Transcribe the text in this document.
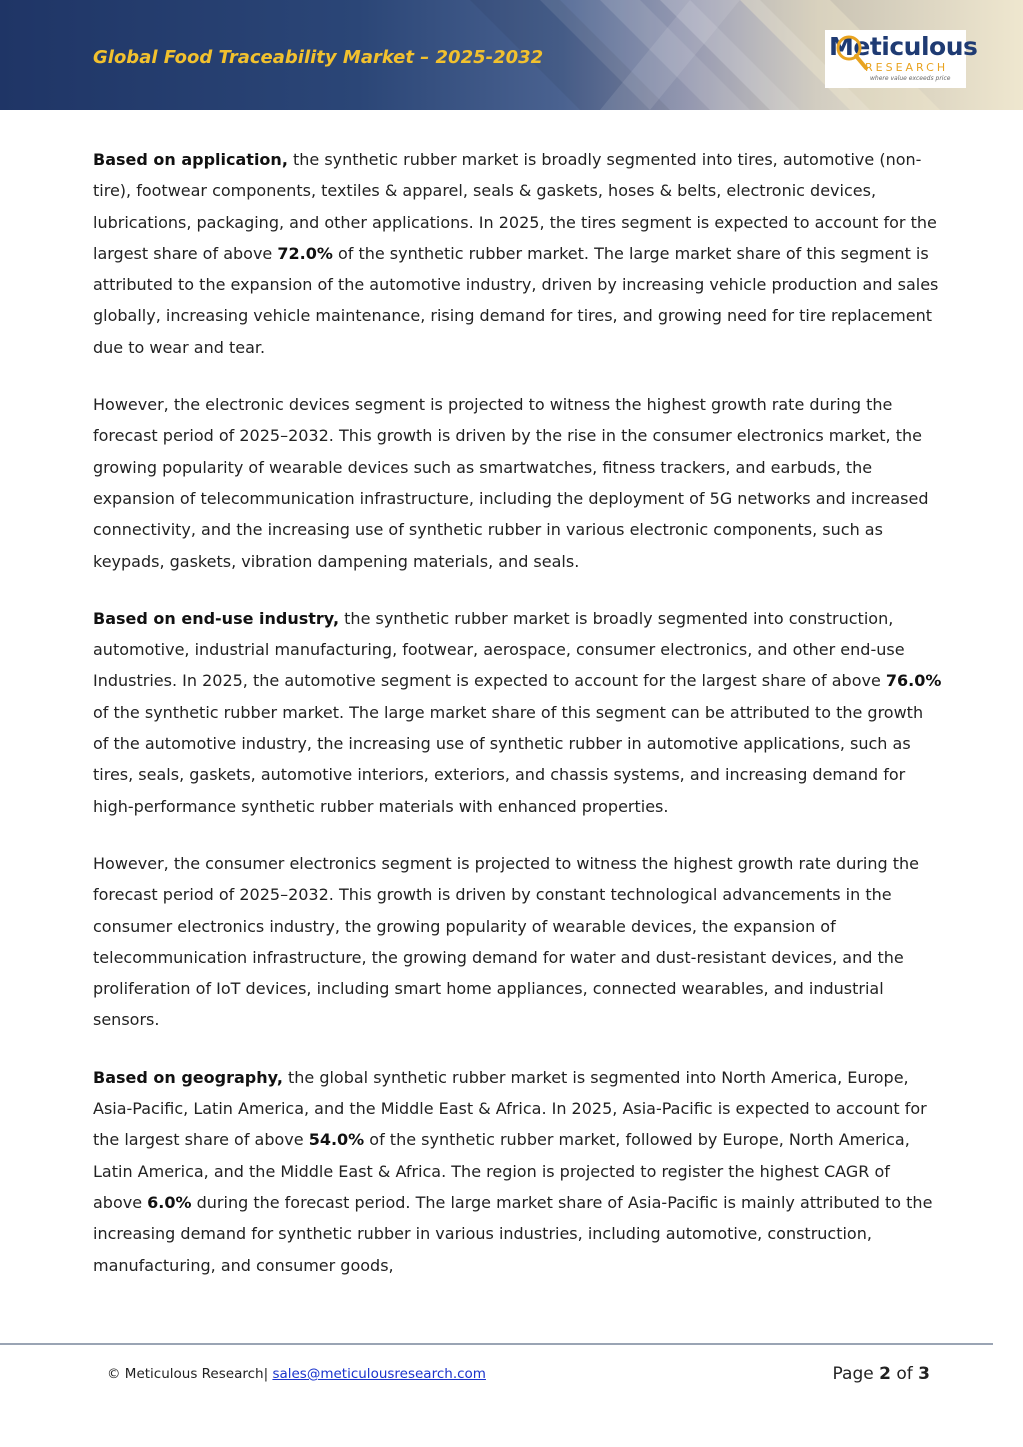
Global Food Traceability Market – 2025-2032	Meticulous
RESEARCH
where value exceeds price

Based on application, the synthetic rubber market is broadly segmented into tires, automotive (non-tire), footwear components, textiles & apparel, seals & gaskets, hoses & belts, electronic devices, lubrications, packaging, and other applications. In 2025, the tires segment is expected to account for the largest share of above 72.0% of the synthetic rubber market. The large market share of this segment is attributed to the expansion of the automotive industry, driven by increasing vehicle production and sales globally, increasing vehicle maintenance, rising demand for tires, and growing need for tire replacement due to wear and tear.

However, the electronic devices segment is projected to witness the highest growth rate during the forecast period of 2025–2032. This growth is driven by the rise in the consumer electronics market, the growing popularity of wearable devices such as smartwatches, fitness trackers, and earbuds, the expansion of telecommunication infrastructure, including the deployment of 5G networks and increased connectivity, and the increasing use of synthetic rubber in various electronic components, such as keypads, gaskets, vibration dampening materials, and seals.

Based on end-use industry, the synthetic rubber market is broadly segmented into construction, automotive, industrial manufacturing, footwear, aerospace, consumer electronics, and other end-use Industries. In 2025, the automotive segment is expected to account for the largest share of above 76.0% of the synthetic rubber market. The large market share of this segment can be attributed to the growth of the automotive industry, the increasing use of synthetic rubber in automotive applications, such as tires, seals, gaskets, automotive interiors, exteriors, and chassis systems, and increasing demand for high-performance synthetic rubber materials with enhanced properties.

However, the consumer electronics segment is projected to witness the highest growth rate during the forecast period of 2025–2032. This growth is driven by constant technological advancements in the consumer electronics industry, the growing popularity of wearable devices, the expansion of telecommunication infrastructure, the growing demand for water and dust-resistant devices, and the proliferation of IoT devices, including smart home appliances, connected wearables, and industrial sensors.

Based on geography, the global synthetic rubber market is segmented into North America, Europe, Asia-Pacific, Latin America, and the Middle East & Africa. In 2025, Asia-Pacific is expected to account for the largest share of above 54.0% of the synthetic rubber market, followed by Europe, North America, Latin America, and the Middle East & Africa. The region is projected to register the highest CAGR of above 6.0% during the forecast period. The large market share of Asia-Pacific is mainly attributed to the increasing demand for synthetic rubber in various industries, including automotive, construction, manufacturing, and consumer goods,

© Meticulous Research| sales@meticulousresearch.com	Page 2 of 3
